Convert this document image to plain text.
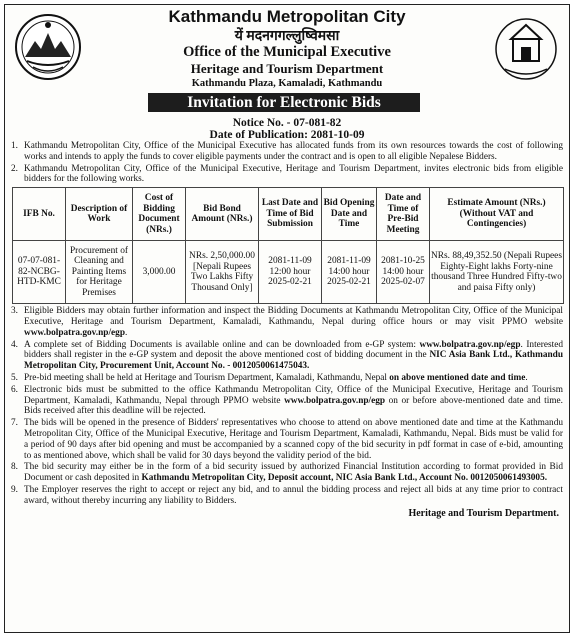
Kathmandu Metropolitan City
यें मदनगगल्लुष्विमसा
Office of the Municipal Executive
Heritage and Tourism Department
Kathmandu Plaza, Kamaladi, Kathmandu
Invitation for Electronic Bids
Notice No. - 07-081-82
Date of Publication: 2081-10-09
1. Kathmandu Metropolitan City, Office of the Municipal Executive has allocated funds from its own resources towards the cost of following works and intends to apply the funds to cover eligible payments under the contract and is open to all eligible Nepalese Bidders.
2. Kathmandu Metropolitan City, Office of the Municipal Executive, Heritage and Tourism Department, invites electronic bids from eligible bidders for the following works.
IFB No.	Description of Work	Cost of Bidding Document (NRs.)	Bid Bond Amount (NRs.)	Last Date and Time of Bid Submission	Bid Opening Date and Time	Date and Time of Pre-Bid Meeting	Estimate Amount (NRs.) (Without VAT and Contingencies)
07-07-081-82-NCBG-HTD-KMC	Procurement of Cleaning and Painting Items for Heritage Premises	3,000.00	NRs. 2,50,000.00 [Nepali Rupees Two Lakhs Fifty Thousand Only]	2081-11-09 12:00 hour 2025-02-21	2081-11-09 14:00 hour 2025-02-21	2081-10-25 14:00 hour 2025-02-07	NRs. 88,49,352.50 (Nepali Rupees Eighty-Eight lakhs Forty-nine thousand Three Hundred Fifty-two and paisa Fifty only)
3. Eligible Bidders may obtain further information and inspect the Bidding Documents at Kathmandu Metropolitan City, Office of the Municipal Executive, Heritage and Tourism Department, Kamaladi, Kathmandu, Nepal during office hours or may visit PPMO website www.bolpatra.gov.np/egp.
4. A complete set of Bidding Documents is available online and can be downloaded from e-GP system: www.bolpatra.gov.np/egp. Interested bidders shall register in the e-GP system and deposit the above mentioned cost of bidding document in the NIC Asia Bank Ltd., Kathmandu Metropolitan City, Procurement Unit, Account No. - 0012050061475043.
5. Pre-bid meeting shall be held at Heritage and Tourism Department, Kamaladi, Kathmandu, Nepal on above mentioned date and time.
6. Electronic bids must be submitted to the office Kathmandu Metropolitan City, Office of the Municipal Executive, Heritage and Tourism Department, Kamaladi, Kathmandu, Nepal through PPMO website www.bolpatra.gov.np/egp on or before above-mentioned date and time. Bids received after this deadline will be rejected.
7. The bids will be opened in the presence of Bidders' representatives who choose to attend on above mentioned date and time at the Kathmandu Metropolitan City, Office of the Municipal Executive, Heritage and Tourism Department, Kamaladi, Kathmandu, Nepal. Bids must be valid for a period of 90 days after bid opening and must be accompanied by a scanned copy of the bid security in pdf format in case of e-bid, amounting to as mentioned above, which shall be valid for 30 days beyond the validity period of the bid.
8. The bid security may either be in the form of a bid security issued by authorized Financial Institution according to format provided in Bid Document or cash deposited in Kathmandu Metropolitan City, Deposit account, NIC Asia Bank Ltd., Account No. 0012050061493005.
9. The Employer reserves the right to accept or reject any bid, and to annul the bidding process and reject all bids at any time prior to contract award, without thereby incurring any liability to Bidders.
Heritage and Tourism Department.
